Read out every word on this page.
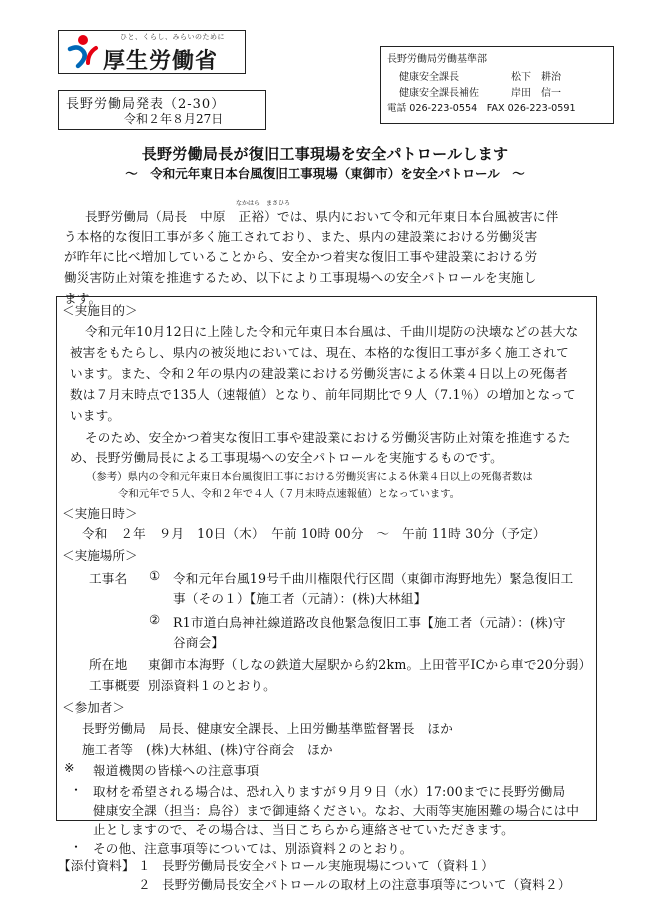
ひと、くらし、みらいのために
厚生労働省
長野労働局発表（2-30）
令和２年８月27日
長野労働局労働基準部
健康安全課長	松下　耕治
健康安全課長補佐	岸田　信一
電話 026-223-0554　FAX 026-223-0591
長野労働局長が復旧工事現場を安全パトロールします
～　令和元年東日本台風復旧工事現場（東御市）を安全パトロール　～
なかはら まさひろ
長野労働局（局長　中原　正裕）では、県内において令和元年東日本台風被害に伴
う本格的な復旧工事が多く施工されており、また、県内の建設業における労働災害
が昨年に比べ増加していることから、安全かつ着実な復旧工事や建設業における労
働災害防止対策を推進するため、以下により工事現場への安全パトロールを実施し
ます。
＜実施目的＞
令和元年10月12日に上陸した令和元年東日本台風は、千曲川堤防の決壊などの甚大な
被害をもたらし、県内の被災地においては、現在、本格的な復旧工事が多く施工されて
います。また、令和２年の県内の建設業における労働災害による休業４日以上の死傷者
数は７月末時点で135人（速報値）となり、前年同期比で９人（7.1％）の増加となって
います。
そのため、安全かつ着実な復旧工事や建設業における労働災害防止対策を推進するた
め、長野労働局長による工事現場への安全パトロールを実施するものです。
（参考）県内の令和元年東日本台風復旧工事における労働災害による休業４日以上の死傷者数は
令和元年で５人、令和２年で４人（７月末時点速報値）となっています。
＜実施日時＞
令和　２年　９月　10日（木）　午前 10時 00分　～　午前 11時 30分（予定）
＜実施場所＞
工事名 ① 令和元年台風19号千曲川権限代行区間（東御市海野地先）緊急復旧工
事（その１）【施工者（元請）：(株)大林組】
② R1市道白鳥神社線道路改良他緊急復旧工事【施工者（元請）：(株)守
谷商会】
所在地 東御市本海野（しなの鉄道大屋駅から約2km。上田菅平ICから車で20分弱）
工事概要 別添資料１のとおり。
＜参加者＞
長野労働局　局長、健康安全課長、上田労働基準監督署長　ほか
施工者等　(株)大林組、(株)守谷商会　ほか
※ 報道機関の皆様への注意事項
・ 取材を希望される場合は、恐れ入りますが９月９日（水）17:00までに長野労働局
健康安全課（担当：鳥谷）まで御連絡ください。なお、大雨等実施困難の場合には中
止としますので、その場合は、当日こちらから連絡させていただきます。
・ その他、注意事項等については、別添資料２のとおり。
【添付資料】 １ 長野労働局長安全パトロール実施現場について（資料１）
２ 長野労働局長安全パトロールの取材上の注意事項等について（資料２）
